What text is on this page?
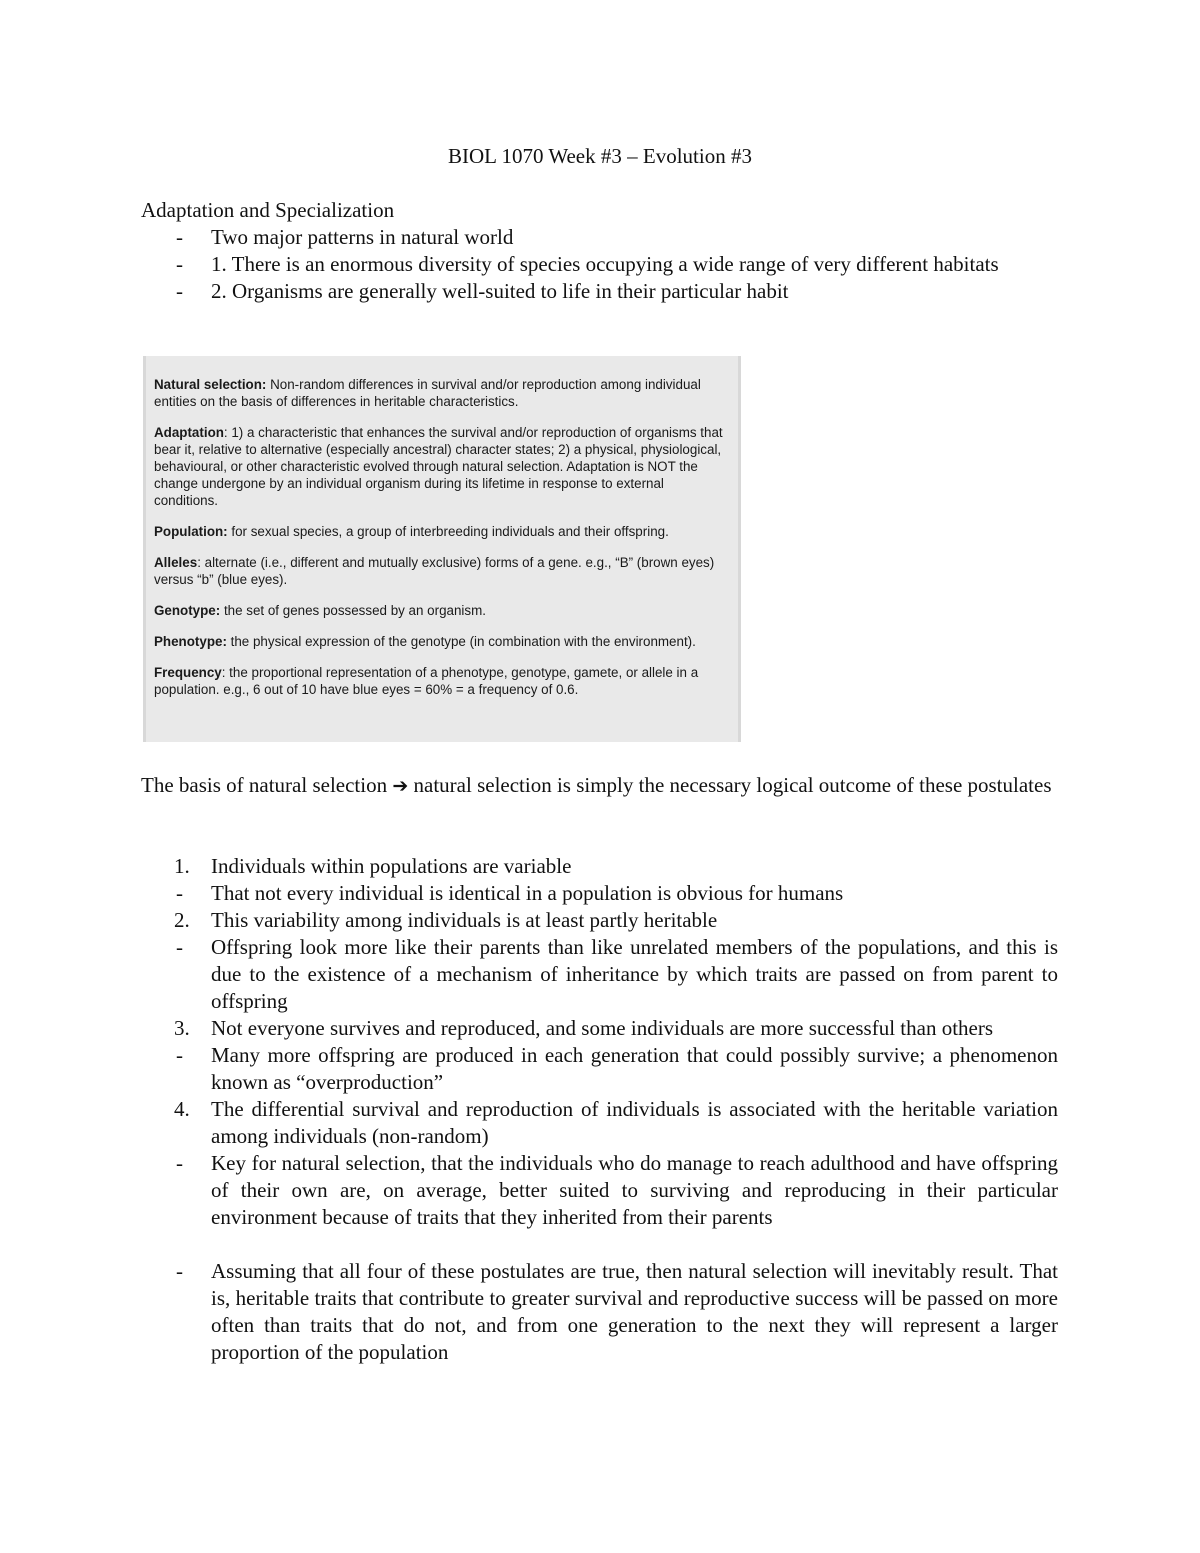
BIOL 1070 Week #3 – Evolution #3
Adaptation and Specialization
- Two major patterns in natural world
- 1. There is an enormous diversity of species occupying a wide range of very different habitats
- 2. Organisms are generally well-suited to life in their particular habit

Natural selection: Non-random differences in survival and/or reproduction among individual entities on the basis of differences in heritable characteristics.

Adaptation: 1) a characteristic that enhances the survival and/or reproduction of organisms that bear it, relative to alternative (especially ancestral) character states; 2) a physical, physiological, behavioural, or other characteristic evolved through natural selection. Adaptation is NOT the change undergone by an individual organism during its lifetime in response to external conditions.

Population: for sexual species, a group of interbreeding individuals and their offspring.

Alleles: alternate (i.e., different and mutually exclusive) forms of a gene. e.g., “B” (brown eyes) versus “b” (blue eyes).

Genotype: the set of genes possessed by an organism.

Phenotype: the physical expression of the genotype (in combination with the environment).

Frequency: the proportional representation of a phenotype, genotype, gamete, or allele in a population. e.g., 6 out of 10 have blue eyes = 60% = a frequency of 0.6.

The basis of natural selection ➔ natural selection is simply the necessary logical outcome of these postulates

1. Individuals within populations are variable
- That not every individual is identical in a population is obvious for humans
2. This variability among individuals is at least partly heritable
- Offspring look more like their parents than like unrelated members of the populations, and this is due to the existence of a mechanism of inheritance by which traits are passed on from parent to offspring
3. Not everyone survives and reproduced, and some individuals are more successful than others
- Many more offspring are produced in each generation that could possibly survive; a phenomenon known as “overproduction”
4. The differential survival and reproduction of individuals is associated with the heritable variation among individuals (non-random)
- Key for natural selection, that the individuals who do manage to reach adulthood and have offspring of their own are, on average, better suited to surviving and reproducing in their particular environment because of traits that they inherited from their parents
- Assuming that all four of these postulates are true, then natural selection will inevitably result. That is, heritable traits that contribute to greater survival and reproductive success will be passed on more often than traits that do not, and from one generation to the next they will represent a larger proportion of the population
